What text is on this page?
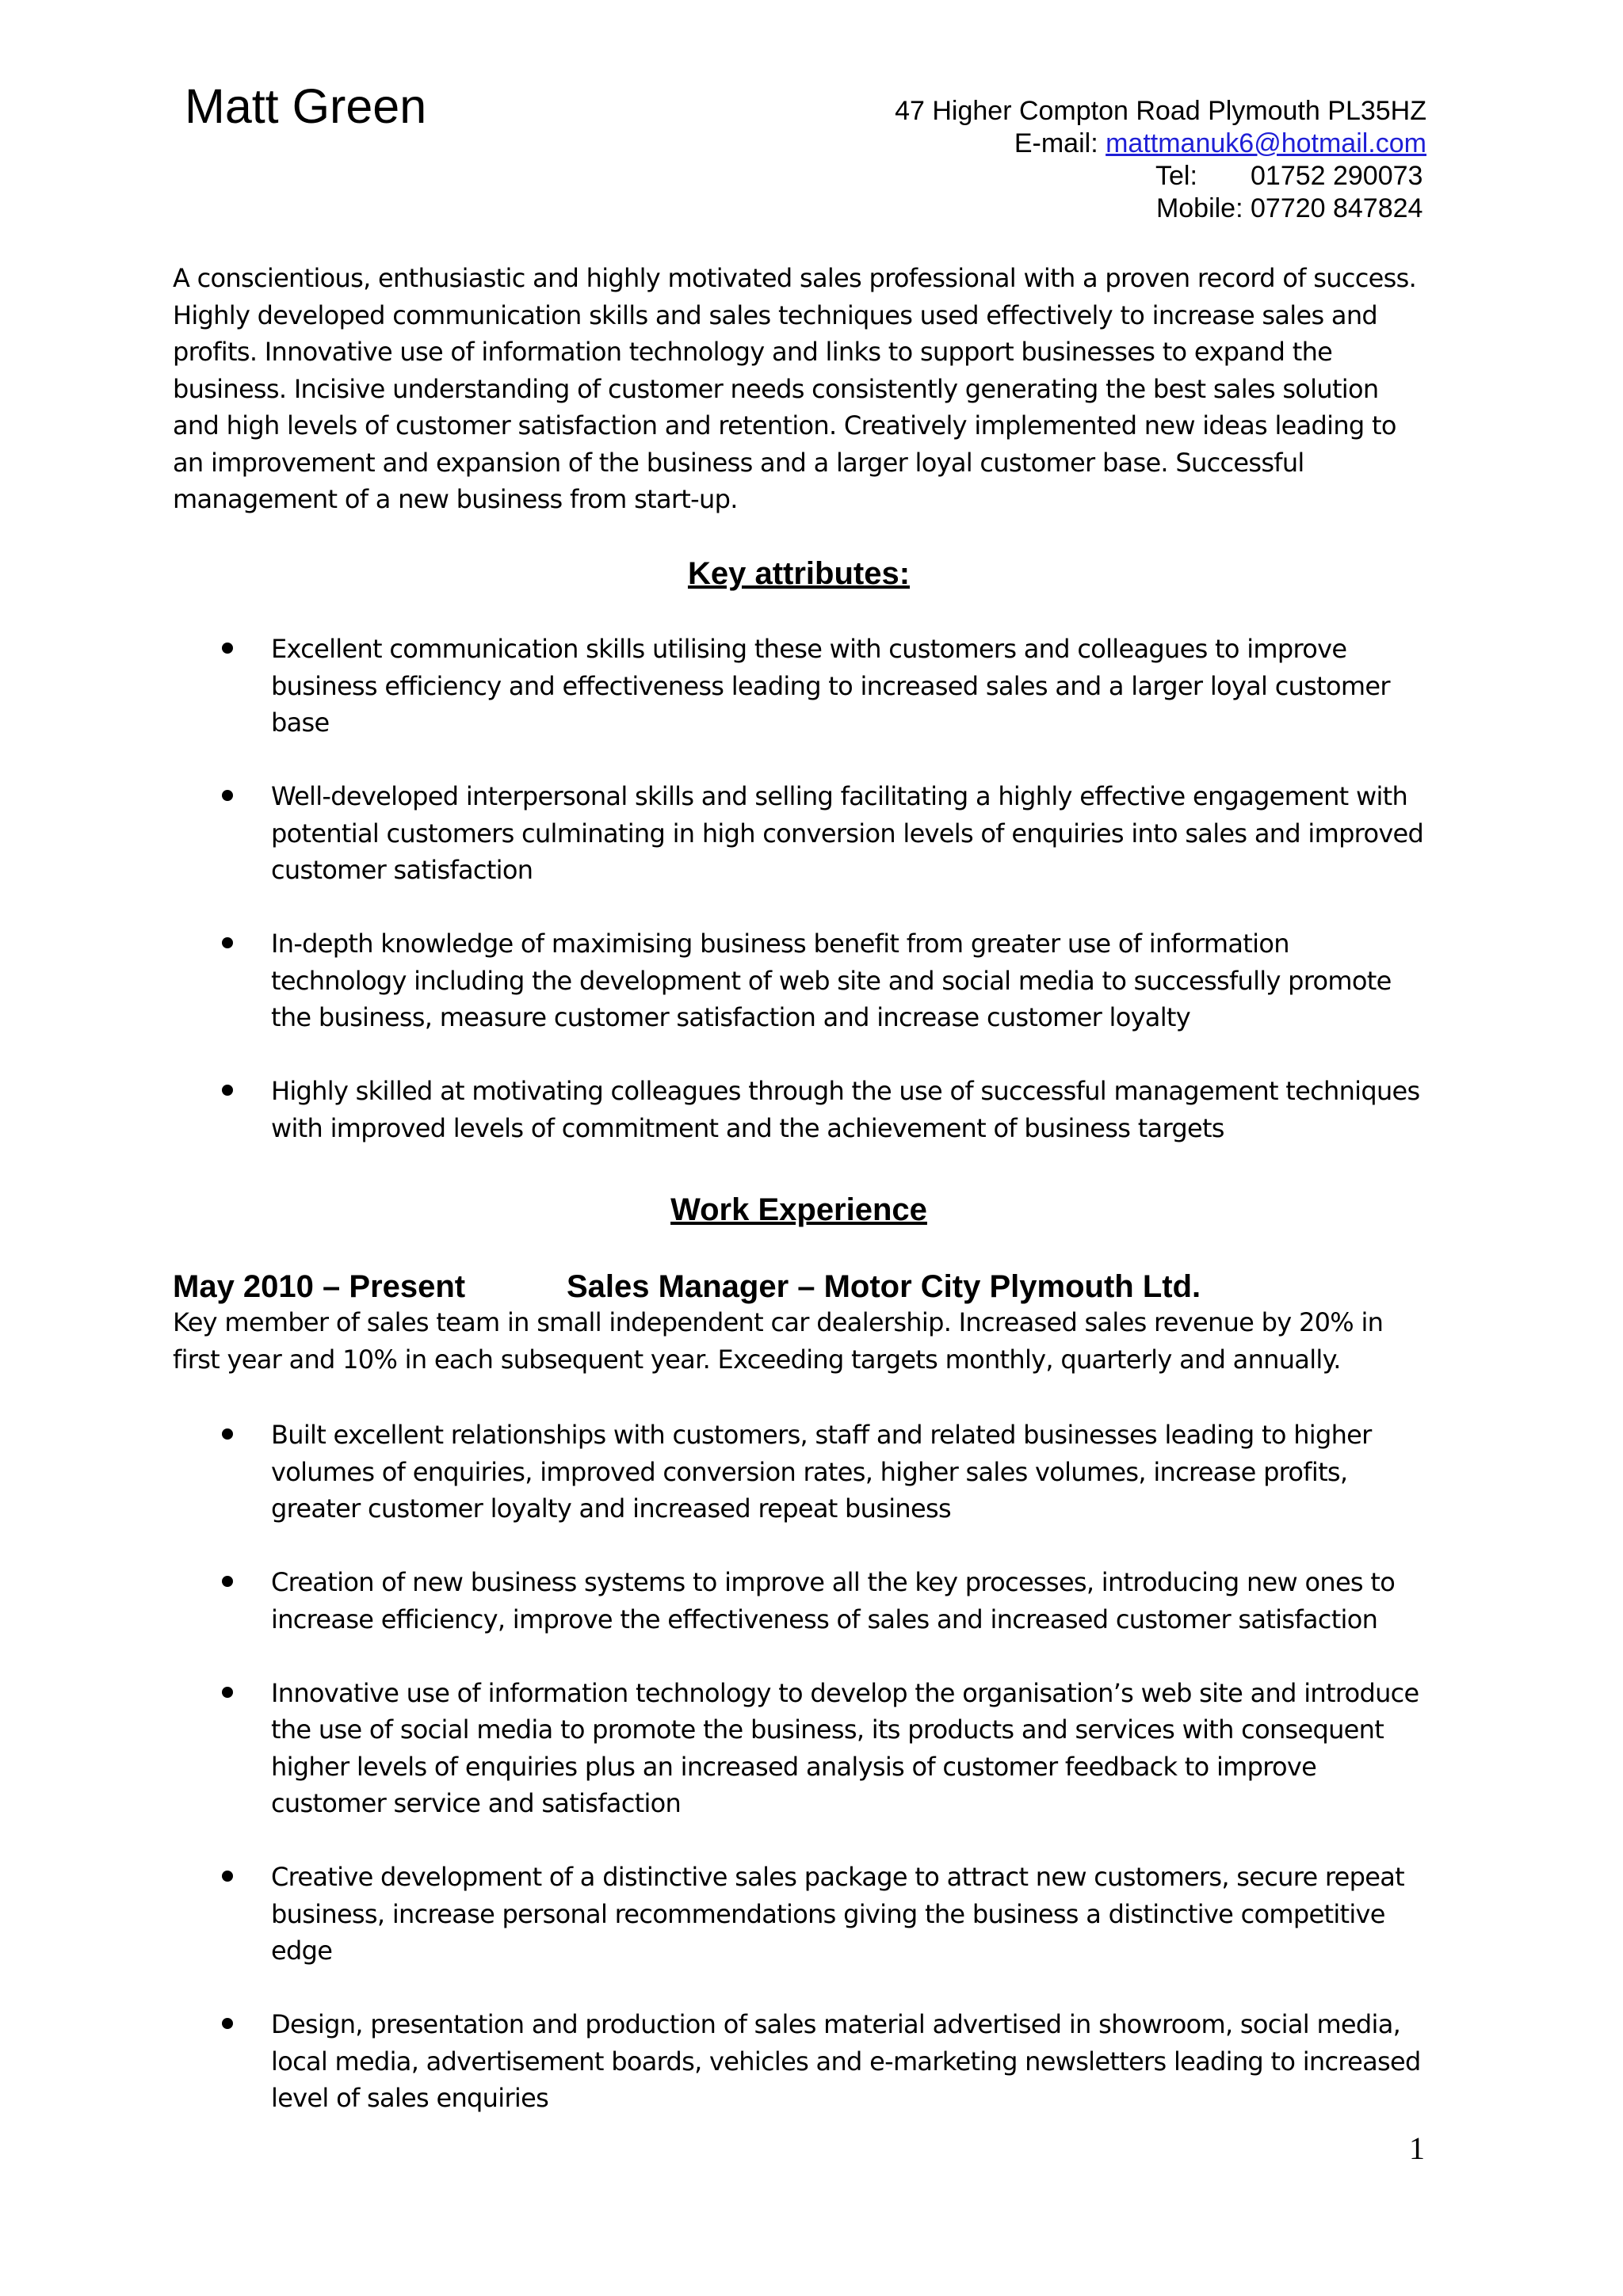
Matt Green	47 Higher Compton Road Plymouth PL35HZ
E-mail: mattmanuk6@hotmail.com
Tel: 01752 290073
Mobile: 07720 847824
A conscientious, enthusiastic and highly motivated sales professional with a proven record of success.
Highly developed communication skills and sales techniques used effectively to increase sales and
profits. Innovative use of information technology and links to support businesses to expand the
business. Incisive understanding of customer needs consistently generating the best sales solution
and high levels of customer satisfaction and retention. Creatively implemented new ideas leading to
an improvement and expansion of the business and a larger loyal customer base. Successful
management of a new business from start-up.
Key attributes:
Excellent communication skills utilising these with customers and colleagues to improve
business efficiency and effectiveness leading to increased sales and a larger loyal customer
base
Well-developed interpersonal skills and selling facilitating a highly effective engagement with
potential customers culminating in high conversion levels of enquiries into sales and improved
customer satisfaction
In-depth knowledge of maximising business benefit from greater use of information
technology including the development of web site and social media to successfully promote
the business, measure customer satisfaction and increase customer loyalty
Highly skilled at motivating colleagues through the use of successful management techniques
with improved levels of commitment and the achievement of business targets
Work Experience
May 2010 – Present	Sales Manager – Motor City Plymouth Ltd.
Key member of sales team in small independent car dealership. Increased sales revenue by 20% in
first year and 10% in each subsequent year. Exceeding targets monthly, quarterly and annually.
Built excellent relationships with customers, staff and related businesses leading to higher
volumes of enquiries, improved conversion rates, higher sales volumes, increase profits,
greater customer loyalty and increased repeat business
Creation of new business systems to improve all the key processes, introducing new ones to
increase efficiency, improve the effectiveness of sales and increased customer satisfaction
Innovative use of information technology to develop the organisation’s web site and introduce
the use of social media to promote the business, its products and services with consequent
higher levels of enquiries plus an increased analysis of customer feedback to improve
customer service and satisfaction
Creative development of a distinctive sales package to attract new customers, secure repeat
business, increase personal recommendations giving the business a distinctive competitive
edge
Design, presentation and production of sales material advertised in showroom, social media,
local media, advertisement boards, vehicles and e-marketing newsletters leading to increased
level of sales enquiries
1
